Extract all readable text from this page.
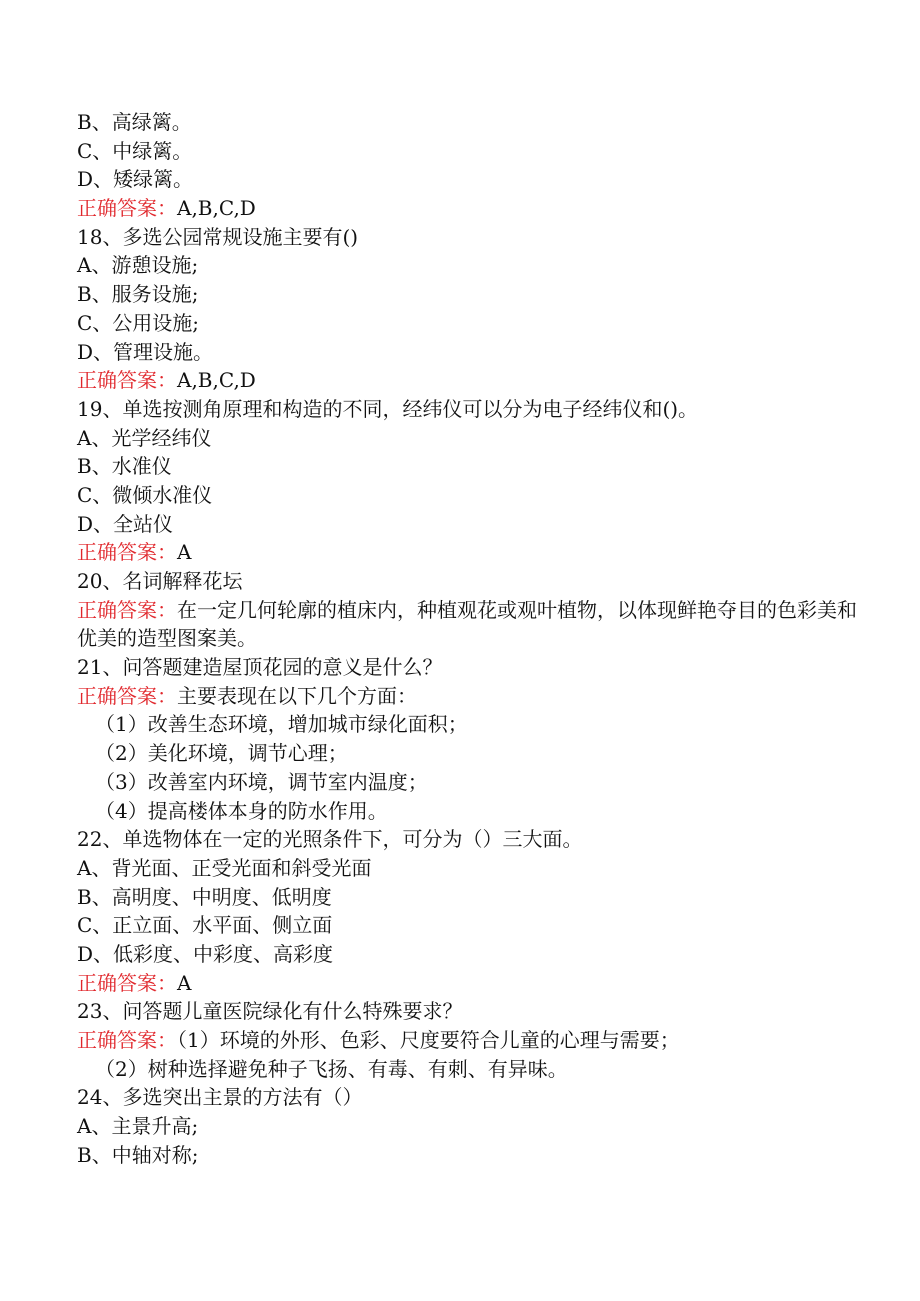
B、高绿篱。
C、中绿篱。
D、矮绿篱。
正确答案：A,B,C,D
18、多选公园常规设施主要有()
A、游憩设施;
B、服务设施;
C、公用设施;
D、管理设施。
正确答案：A,B,C,D
19、单选按测角原理和构造的不同，经纬仪可以分为电子经纬仪和()。
A、光学经纬仪
B、水准仪
C、微倾水准仪
D、全站仪
正确答案：A
20、名词解释花坛
正确答案：在一定几何轮廓的植床内，种植观花或观叶植物，以体现鲜艳夺目的色彩美和优美的造型图案美。
21、问答题建造屋顶花园的意义是什么？
正确答案：主要表现在以下几个方面：
（1）改善生态环境，增加城市绿化面积；
（2）美化环境，调节心理；
（3）改善室内环境，调节室内温度；
（4）提高楼体本身的防水作用。
22、单选物体在一定的光照条件下，可分为（）三大面。
A、背光面、正受光面和斜受光面
B、高明度、中明度、低明度
C、正立面、水平面、侧立面
D、低彩度、中彩度、高彩度
正确答案：A
23、问答题儿童医院绿化有什么特殊要求？
正确答案：（1）环境的外形、色彩、尺度要符合儿童的心理与需要；
（2）树种选择避免种子飞扬、有毒、有刺、有异味。
24、多选突出主景的方法有（）
A、主景升高;
B、中轴对称;
